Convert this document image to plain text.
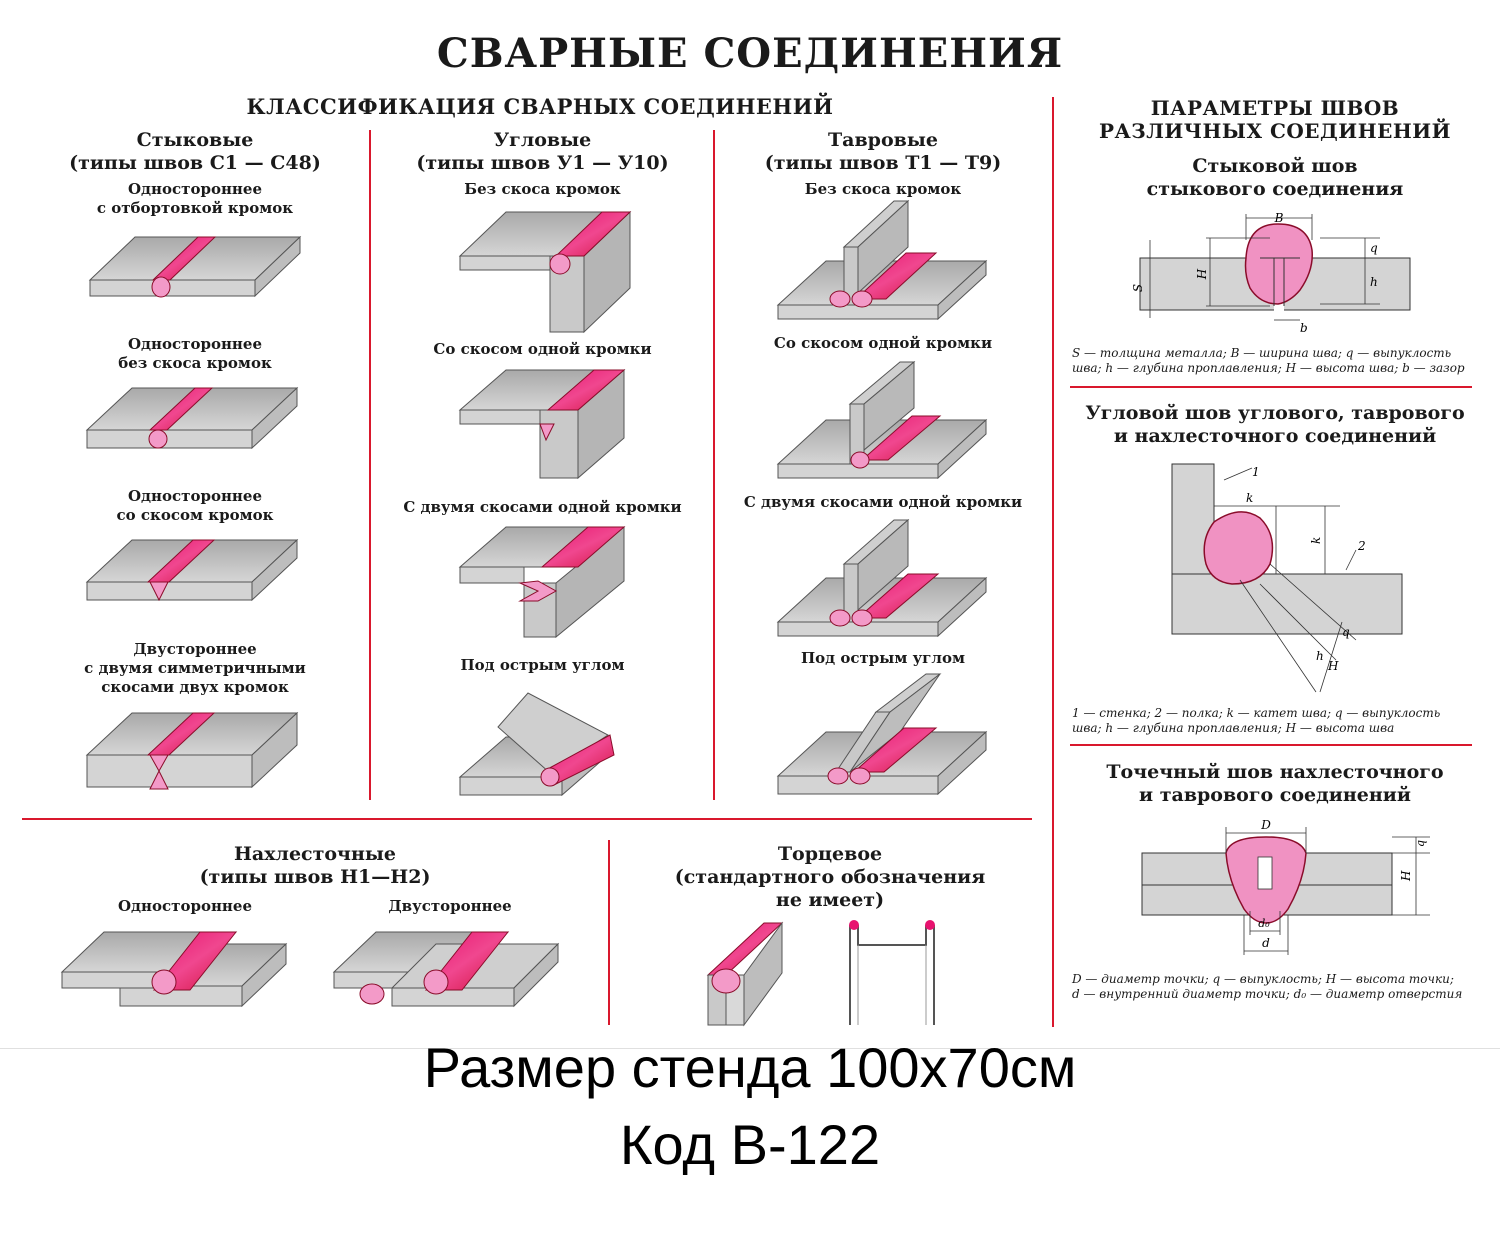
СВАРНЫЕ СОЕДИНЕНИЯ
КЛАССИФИКАЦИЯ СВАРНЫХ СОЕДИНЕНИЙ
Стыковые
(типы швов С1 — С48)
Одностороннее
с отбортовкой кромок
Одностороннее
без скоса кромок
Одностороннее
со скосом кромок
Двустороннее
с двумя симметричными
скосами двух кромок
Угловые
(типы швов У1 — У10)
Без скоса кромок
Со скосом одной кромки
С двумя скосами одной кромки
Под острым углом
Тавровые
(типы швов Т1 — Т9)
Без скоса кромок
Со скосом одной кромки
С двумя скосами одной кромки
Под острым углом
Нахлесточные
(типы швов Н1—Н2)
Одностороннее	Двустороннее
Торцевое
(стандартного обозначения
не имеет)
ПАРАМЕТРЫ ШВОВ
РАЗЛИЧНЫХ СОЕДИНЕНИЙ
Стыковой шов
стыкового соединения
B
S
H
q
h
b
S — толщина металла; B — ширина шва; q — выпуклость
шва; h — глубина проплавления; H — высота шва; b — зазор
Угловой шов углового, таврового
и нахлесточного соединений
1
2
k
k
q
h
H
1 — стенка; 2 — полка; k — катет шва; q — выпуклость
шва; h — глубина проплавления; H — высота шва
Точечный шов нахлесточного
и таврового соединений
D
q
H
d₀
d
D — диаметр точки; q — выпуклость; H — высота точки;
d — внутренний диаметр точки; d₀ — диаметр отверстия
Размер стенда 100х70см
Код В-122
